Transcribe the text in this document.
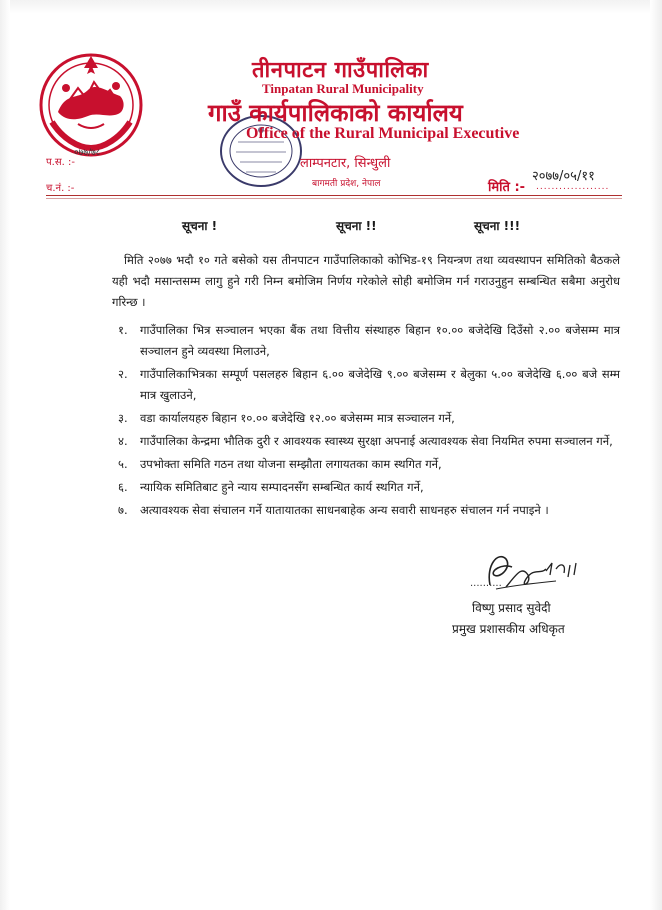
तीनपाटन गाउँपालिका
Tinpatan Rural Municipality
गाउँ कार्यपालिकाको कार्यालय
Office of the Rural Municipal Executive
लाम्पनटार, सिन्धुली
बागमती प्रदेश, नेपाल
प.स. :-
०७७/७८
च.नं. :-
२०७७/०५/११
मिति :- ...................
सूचना !	सूचना !!	सूचना !!!
मिति २०७७ भदौ १० गते बसेको यस तीनपाटन गाउँपालिकाको कोभिड-१९ नियन्त्रण तथा व्यवस्थापन समितिको बैठकले यही भदौ मसान्तसम्म लागु हुने गरी निम्न बमोजिम निर्णय गरेकोले सोही बमोजिम गर्न गराउनुहुन सम्बन्धित सबैमा अनुरोध गरिन्छ ।
१. गाउँपालिका भित्र सञ्चालन भएका बैंक तथा वित्तीय संस्थाहरु बिहान १०.०० बजेदेखि दिउँसो २.०० बजेसम्म मात्र सञ्चालन हुने व्यवस्था मिलाउने,
२. गाउँपालिकाभित्रका सम्पूर्ण पसलहरु बिहान ६.०० बजेदेखि ९.०० बजेसम्म र बेलुका ५.०० बजेदेखि ६.०० बजे सम्म मात्र खुलाउने,
३. वडा कार्यालयहरु बिहान १०.०० बजेदेखि १२.०० बजेसम्म मात्र सञ्चालन गर्ने,
४. गाउँपालिका केन्द्रमा भौतिक दुरी र आवश्यक स्वास्थ्य सुरक्षा अपनाई अत्यावश्यक सेवा नियमित रुपमा सञ्चालन गर्ने,
५. उपभोक्ता समिति गठन तथा योजना सम्झौता लगायतका काम स्थगित गर्ने,
६. न्यायिक समितिबाट हुने न्याय सम्पादनसँग सम्बन्धित कार्य स्थगित गर्ने,
७. अत्यावश्यक सेवा संचालन गर्ने यातायातका साधनबाहेक अन्य सवारी साधनहरु संचालन गर्न नपाइने ।
..........
विष्णु प्रसाद सुवेदी
प्रमुख प्रशासकीय अधिकृत
